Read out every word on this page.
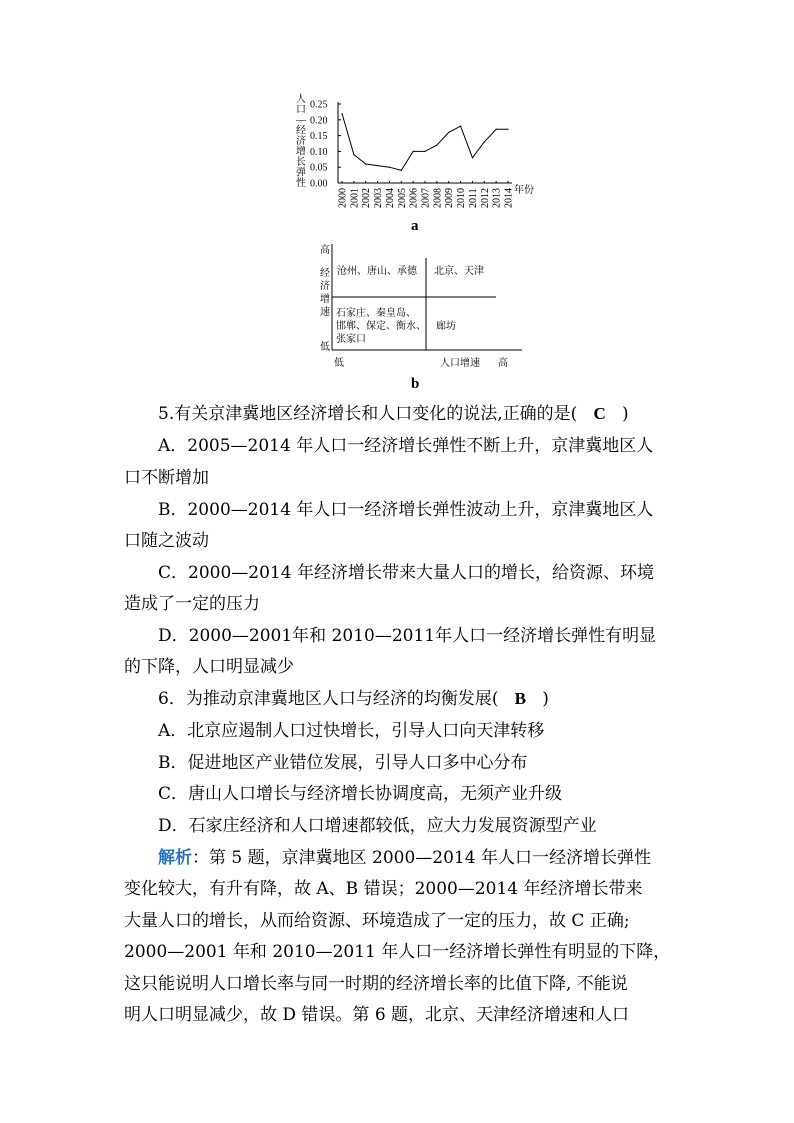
人
口
—
经
济
增
长
弹
性
0.25
0.20
0.15
0.10
0.05
0.00
2000 2001 2002 2003 2004 2005 2006 2007 2008 2009 2010 2011 2012 2013 2014 年份
a
高
经
济
增
速
低
低	人口增速 高
沧州、唐山、承德 北京、天津
石家庄、秦皇岛、
邯郸、保定、衡水、
张家口
廊坊
b
5.有关京津冀地区经济增长和人口变化的说法,正确的是( C )
A．2005—2014 年人口一经济增长弹性不断上升，京津冀地区人
口不断增加
B．2000—2014 年人口一经济增长弹性波动上升，京津冀地区人
口随之波动
C．2000—2014 年经济增长带来大量人口的增长，给资源、环境
造成了一定的压力
D．2000—2001年和 2010—2011年人口一经济增长弹性有明显
的下降，人口明显减少
6．为推动京津冀地区人口与经济的均衡发展( B )
A．北京应遏制人口过快增长，引导人口向天津转移
B．促进地区产业错位发展，引导人口多中心分布
C．唐山人口增长与经济增长协调度高，无须产业升级
D．石家庄经济和人口增速都较低，应大力发展资源型产业
解析：第 5 题，京津冀地区 2000—2014 年人口一经济增长弹性
变化较大，有升有降，故 A、B 错误；2000—2014 年经济增长带来
大量人口的增长，从而给资源、环境造成了一定的压力，故 C 正确;
2000—2001 年和 2010—2011 年人口一经济增长弹性有明显的下降，
这只能说明人口增长率与同一时期的经济增长率的比值下降, 不能说
明人口明显减少，故 D 错误。第 6 题，北京、天津经济增速和人口
